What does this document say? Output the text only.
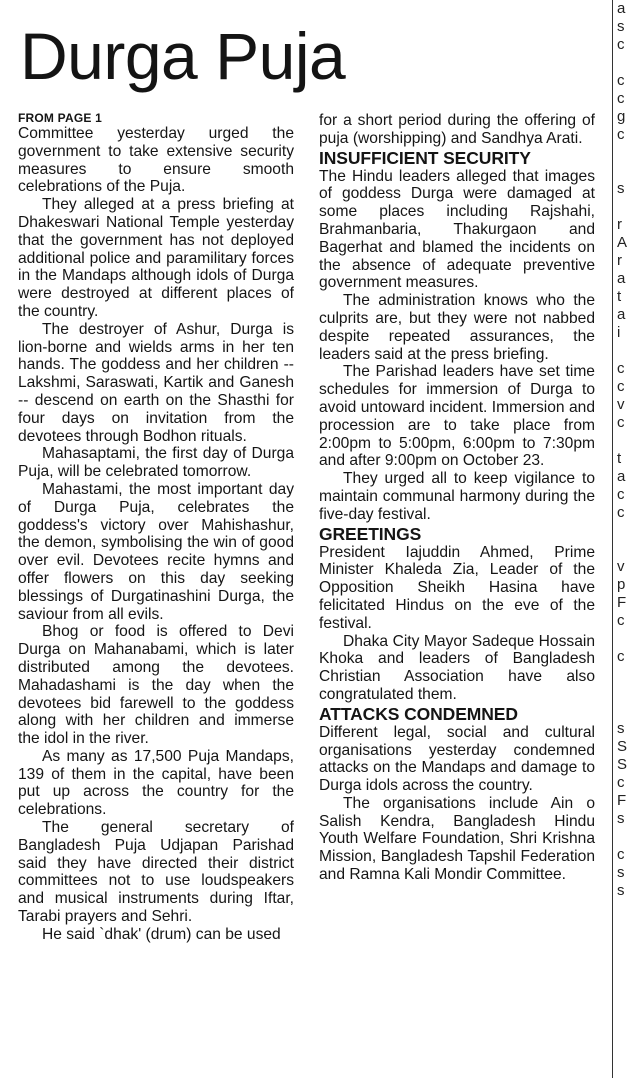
Durga Puja
FROM PAGE 1

Committee yesterday urged the government to take extensive security measures to ensure smooth celebrations of the Puja.

They alleged at a press briefing at Dhakeswari National Temple yesterday that the government has not deployed additional police and paramilitary forces in the Mandaps although idols of Durga were destroyed at different places of the country.

The destroyer of Ashur, Durga is lion-borne and wields arms in her ten hands. The goddess and her children -- Lakshmi, Saraswati, Kartik and Ganesh -- descend on earth on the Shasthi for four days on invitation from the devotees through Bodhon rituals.

Mahasaptami, the first day of Durga Puja, will be celebrated tomorrow.

Mahastami, the most important day of Durga Puja, celebrates the goddess's victory over Mahishashur, the demon, symbolising the win of good over evil. Devotees recite hymns and offer flowers on this day seeking blessings of Durgatinashini Durga, the saviour from all evils.

Bhog or food is offered to Devi Durga on Mahanabami, which is later distributed among the devotees. Mahadashami is the day when the devotees bid farewell to the goddess along with her children and immerse the idol in the river.

As many as 17,500 Puja Mandaps, 139 of them in the capital, have been put up across the country for the celebrations.

The general secretary of Bangladesh Puja Udjapan Parishad said they have directed their district committees not to use loudspeakers and musical instruments during Iftar, Tarabi prayers and Sehri.

He said `dhak' (drum) can be used

for a short period during the offering of puja (worshipping) and Sandhya Arati.

INSUFFICIENT SECURITY

The Hindu leaders alleged that images of goddess Durga were damaged at some places including Rajshahi, Brahmanbaria, Thakurgaon and Bagerhat and blamed the incidents on the absence of adequate preventive government measures.

The administration knows who the culprits are, but they were not nabbed despite repeated assurances, the leaders said at the press briefing.

The Parishad leaders have set time schedules for immersion of Durga to avoid untoward incident. Immersion and procession are to take place from 2:00pm to 5:00pm, 6:00pm to 7:30pm and after 9:00pm on October 23.

They urged all to keep vigilance to maintain communal harmony during the five-day festival.

GREETINGS

President Iajuddin Ahmed, Prime Minister Khaleda Zia, Leader of the Opposition Sheikh Hasina have felicitated Hindus on the eve of the festival.

Dhaka City Mayor Sadeque Hossain Khoka and leaders of Bangladesh Christian Association have also congratulated them.

ATTACKS CONDEMNED

Different legal, social and cultural organisations yesterday condemned attacks on the Mandaps and damage to Durga idols across the country.

The organisations include Ain o Salish Kendra, Bangladesh Hindu Youth Welfare Foundation, Shri Krishna Mission, Bangladesh Tapshil Federation and Ramna Kali Mondir Committee.

a
s
c

c
c
g
c

s

r
A
r
a
t
a
i

c
c
v
c

t
a
c
c

v
p
F
c

c

s
S
S
c
F
s

c
s
s
